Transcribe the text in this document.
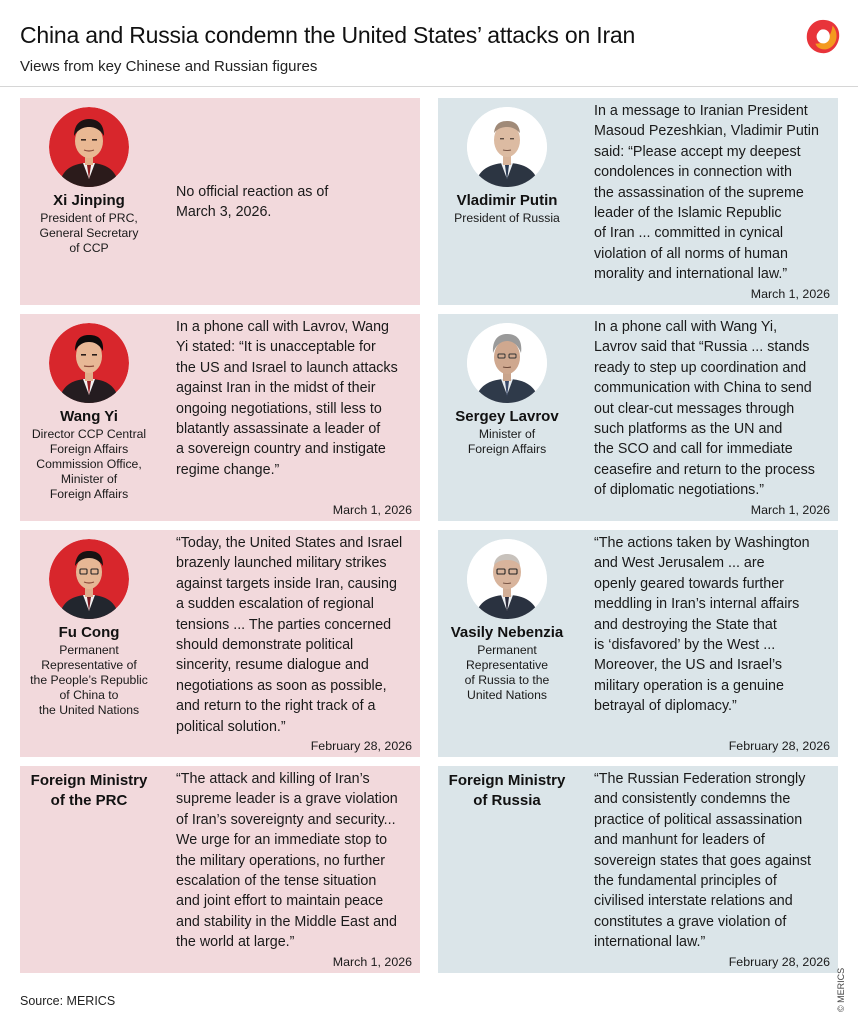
China and Russia condemn the United States’ attacks on Iran
Views from key Chinese and Russian figures
Xi Jinping
President of PRC,
General Secretary
of CCP
No official reaction as of
March 3, 2026.
Vladimir Putin
President of Russia
In a message to Iranian President
Masoud Pezeshkian, Vladimir Putin
said: “Please accept my deepest
condolences in connection with
the assassination of the supreme
leader of the Islamic Republic
of Iran ... committed in cynical
violation of all norms of human
morality and international law.”
March 1, 2026
Wang Yi
Director CCP Central
Foreign Affairs
Commission Office,
Minister of
Foreign Affairs
In a phone call with Lavrov, Wang
Yi stated: “It is unacceptable for
the US and Israel to launch attacks
against Iran in the midst of their
ongoing negotiations, still less to
blatantly assassinate a leader of
a sovereign country and instigate
regime change.”
March 1, 2026
Sergey Lavrov
Minister of
Foreign Affairs
In a phone call with Wang Yi,
Lavrov said that “Russia ... stands
ready to step up coordination and
communication with China to send
out clear-cut messages through
such platforms as the UN and
the SCO and call for immediate
ceasefire and return to the process
of diplomatic negotiations.”
March 1, 2026
Fu Cong
Permanent
Representative of
the People’s Republic
of China to
the United Nations
“Today, the United States and Israel
brazenly launched military strikes
against targets inside Iran, causing
a sudden escalation of regional
tensions ... The parties concerned
should demonstrate political
sincerity, resume dialogue and
negotiations as soon as possible,
and return to the right track of a
political solution.”
February 28, 2026
Vasily Nebenzia
Permanent
Representative
of Russia to the
United Nations
“The actions taken by Washington
and West Jerusalem ... are
openly geared towards further
meddling in Iran’s internal affairs
and destroying the State that
is ‘disfavored’ by the West ...
Moreover, the US and Israel’s
military operation is a genuine
betrayal of diplomacy.”
February 28, 2026
Foreign Ministry
of the PRC
“The attack and killing of Iran’s
supreme leader is a grave violation
of Iran’s sovereignty and security...
We urge for an immediate stop to
the military operations, no further
escalation of the tense situation
and joint effort to maintain peace
and stability in the Middle East and
the world at large.”
March 1, 2026
Foreign Ministry
of Russia
“The Russian Federation strongly
and consistently condemns the
practice of political assassination
and manhunt for leaders of
sovereign states that goes against
the fundamental principles of
civilised interstate relations and
constitutes a grave violation of
international law.”
February 28, 2026
Source: MERICS	© MERICS
